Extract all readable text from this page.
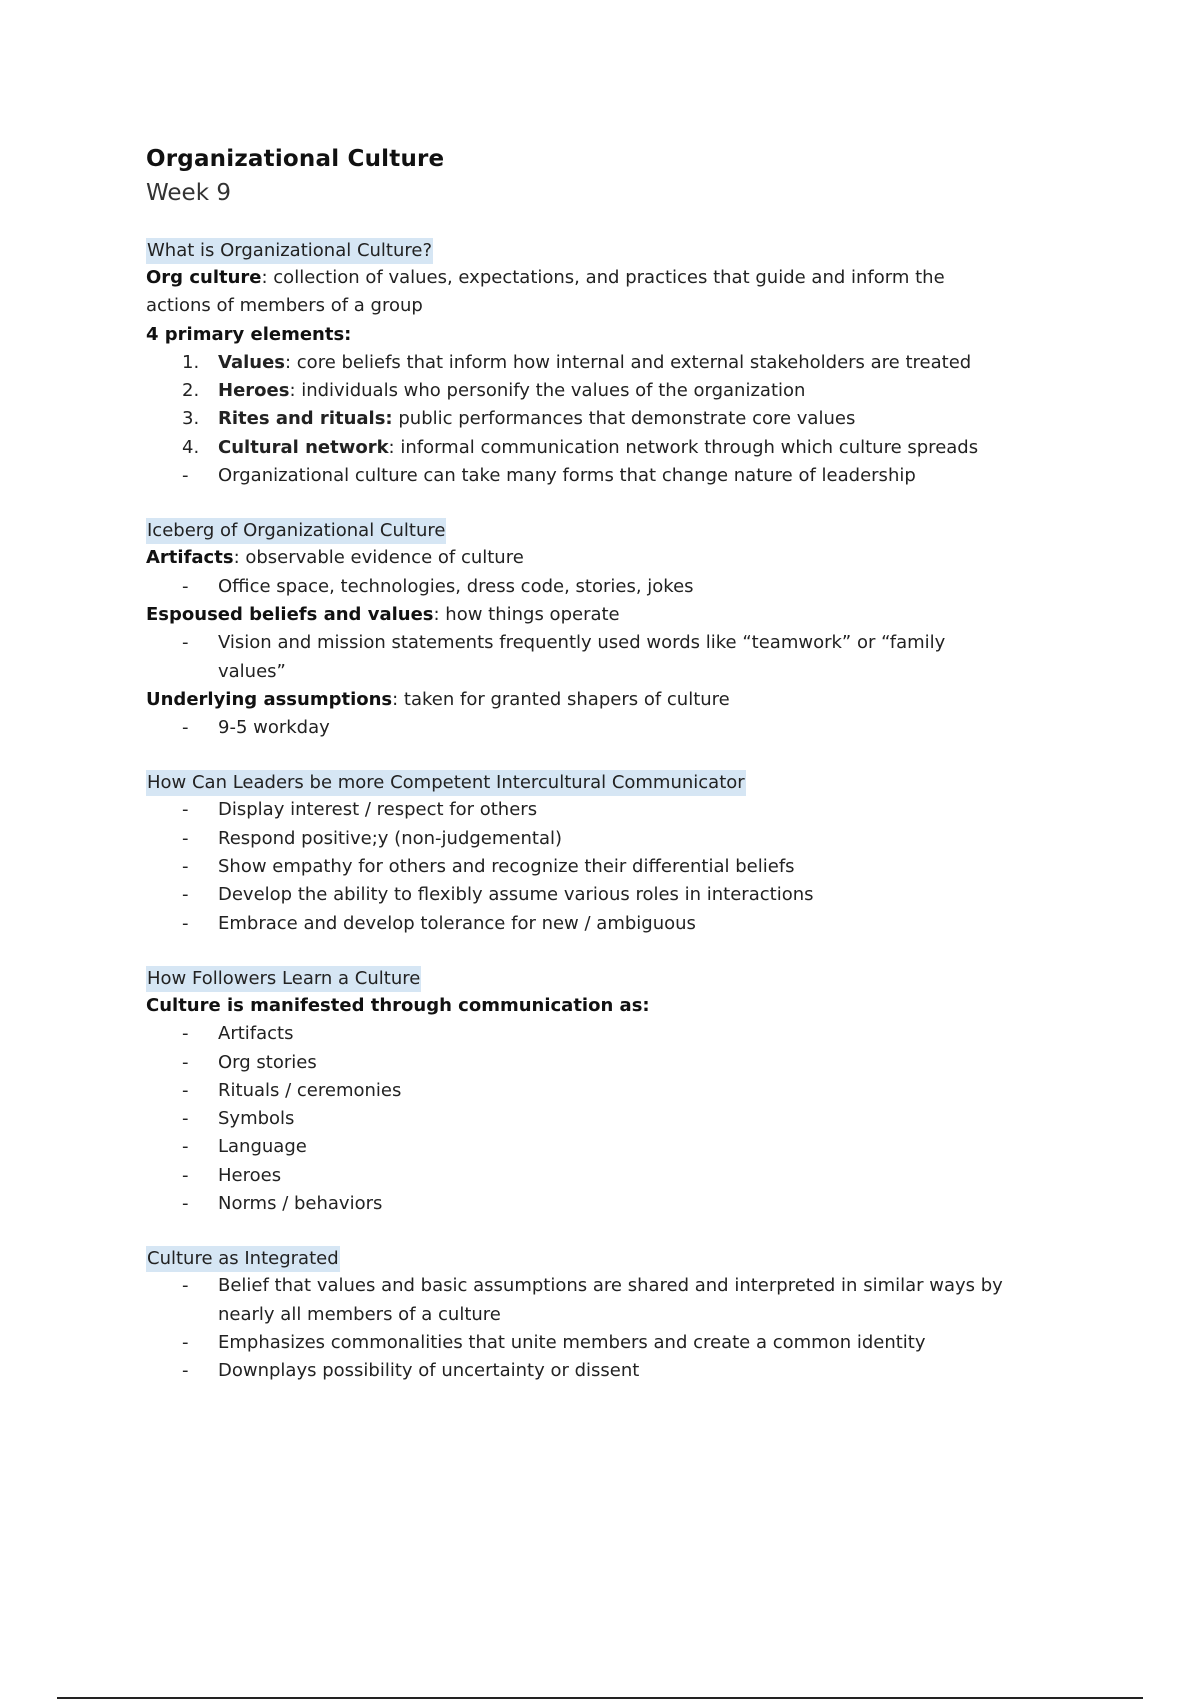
Organizational Culture
Week 9
What is Organizational Culture?

Org culture: collection of values, expectations, and practices that guide and inform the

actions of members of a group

4 primary elements:

1.	Values: core beliefs that inform how internal and external stakeholders are treated
2.	Heroes: individuals who personify the values of the organization
3.	Rites and rituals: public performances that demonstrate core values
4.	Cultural network: informal communication network through which culture spreads
-	Organizational culture can take many forms that change nature of leadership
Iceberg of Organizational Culture

Artifacts: observable evidence of culture

-	Office space, technologies, dress code, stories, jokes

Espoused beliefs and values: how things operate

-	Vision and mission statements frequently used words like “teamwork” or “family
values”

Underlying assumptions: taken for granted shapers of culture

-	9-5 workday
How Can Leaders be more Competent Intercultural Communicator
-	Display interest / respect for others
-	Respond positive;y (non-judgemental)
-	Show empathy for others and recognize their differential beliefs
-	Develop the ability to flexibly assume various roles in interactions
-	Embrace and develop tolerance for new / ambiguous
How Followers Learn a Culture

Culture is manifested through communication as:

-	Artifacts
-	Org stories
-	Rituals / ceremonies
-	Symbols
-	Language
-	Heroes
-	Norms / behaviors
Culture as Integrated
-	Belief that values and basic assumptions are shared and interpreted in similar ways by
nearly all members of a culture
-	Emphasizes commonalities that unite members and create a common identity
-	Downplays possibility of uncertainty or dissent
